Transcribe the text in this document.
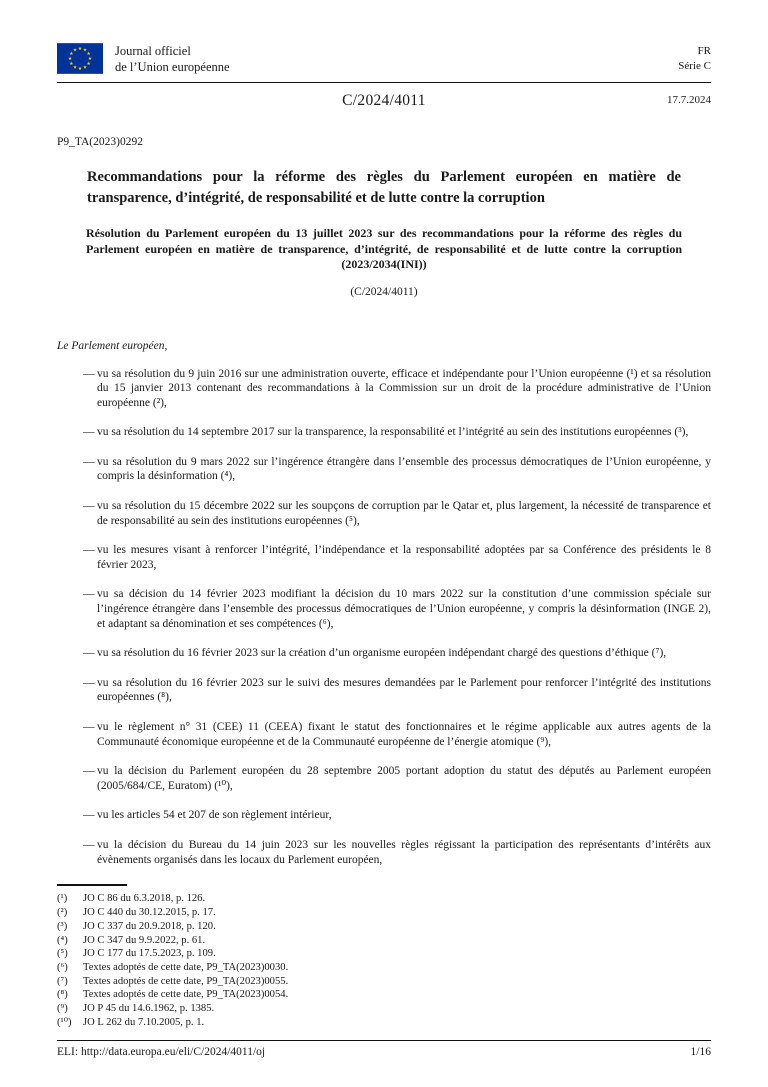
Journal officiel
de l’Union européenne
FR
Série C
C/2024/4011	17.7.2024
P9_TA(2023)0292
Recommandations pour la réforme des règles du Parlement européen en matière de transparence, d’intégrité, de responsabilité et de lutte contre la corruption
Résolution du Parlement européen du 13 juillet 2023 sur des recommandations pour la réforme des règles du Parlement européen en matière de transparence, d’intégrité, de responsabilité et de lutte contre la corruption (2023/2034(INI))
(C/2024/4011)
Le Parlement européen,
— vu sa résolution du 9 juin 2016 sur une administration ouverte, efficace et indépendante pour l’Union européenne (¹) et sa résolution du 15 janvier 2013 contenant des recommandations à la Commission sur un droit de la procédure administrative de l’Union européenne (²),
— vu sa résolution du 14 septembre 2017 sur la transparence, la responsabilité et l’intégrité au sein des institutions européennes (³),
— vu sa résolution du 9 mars 2022 sur l’ingérence étrangère dans l’ensemble des processus démocratiques de l’Union européenne, y compris la désinformation (⁴),
— vu sa résolution du 15 décembre 2022 sur les soupçons de corruption par le Qatar et, plus largement, la nécessité de transparence et de responsabilité au sein des institutions européennes (⁵),
— vu les mesures visant à renforcer l’intégrité, l’indépendance et la responsabilité adoptées par sa Conférence des présidents le 8 février 2023,
— vu sa décision du 14 février 2023 modifiant la décision du 10 mars 2022 sur la constitution d’une commission spéciale sur l’ingérence étrangère dans l’ensemble des processus démocratiques de l’Union européenne, y compris la désinformation (INGE 2), et adaptant sa dénomination et ses compétences (⁶),
— vu sa résolution du 16 février 2023 sur la création d’un organisme européen indépendant chargé des questions d’éthique (⁷),
— vu sa résolution du 16 février 2023 sur le suivi des mesures demandées par le Parlement pour renforcer l’intégrité des institutions européennes (⁸),
— vu le règlement n° 31 (CEE) 11 (CEEA) fixant le statut des fonctionnaires et le régime applicable aux autres agents de la Communauté économique européenne et de la Communauté européenne de l’énergie atomique (⁹),
— vu la décision du Parlement européen du 28 septembre 2005 portant adoption du statut des députés au Parlement européen (2005/684/CE, Euratom) (¹⁰),
— vu les articles 54 et 207 de son règlement intérieur,
— vu la décision du Bureau du 14 juin 2023 sur les nouvelles règles régissant la participation des représentants d’intérêts aux évènements organisés dans les locaux du Parlement européen,
(¹)	JO C 86 du 6.3.2018, p. 126.
(²)	JO C 440 du 30.12.2015, p. 17.
(³)	JO C 337 du 20.9.2018, p. 120.
(⁴)	JO C 347 du 9.9.2022, p. 61.
(⁵)	JO C 177 du 17.5.2023, p. 109.
(⁶)	Textes adoptés de cette date, P9_TA(2023)0030.
(⁷)	Textes adoptés de cette date, P9_TA(2023)0055.
(⁸)	Textes adoptés de cette date, P9_TA(2023)0054.
(⁹)	JO P 45 du 14.6.1962, p. 1385.
(¹⁰)	JO L 262 du 7.10.2005, p. 1.
ELI: http://data.europa.eu/eli/C/2024/4011/oj	1/16
